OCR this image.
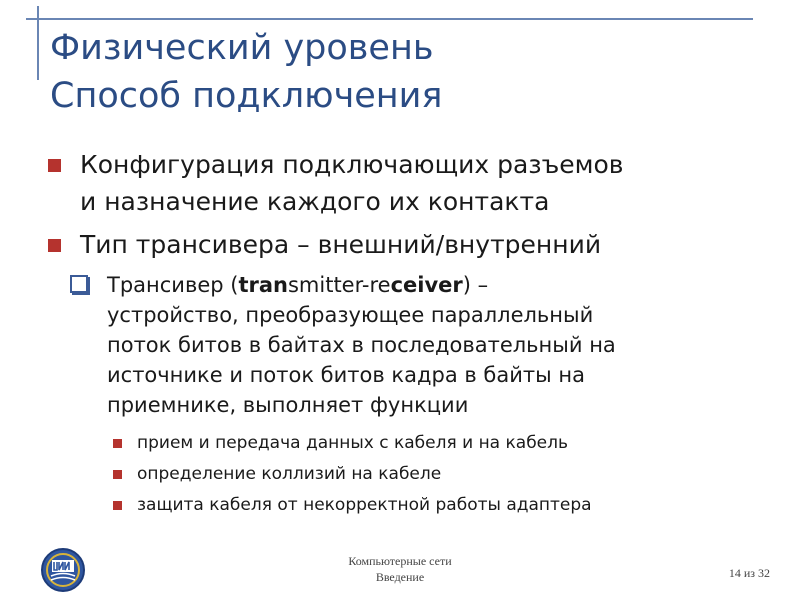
Физический уровень
Способ подключения
Конфигурация подключающих разъемов
и назначение каждого их контакта
Тип трансивера – внешний/внутренний
Трансивер (transmitter-receiver) –
устройство, преобразующее параллельный
поток битов в байтах в последовательный на
источнике и поток битов кадра в байты на
приемнике, выполняет функции
прием и передача данных с кабеля и на кабель
определение коллизий на кабеле
защита кабеля от некорректной работы адаптера
Компьютерные сети
Введение	14 из 32
